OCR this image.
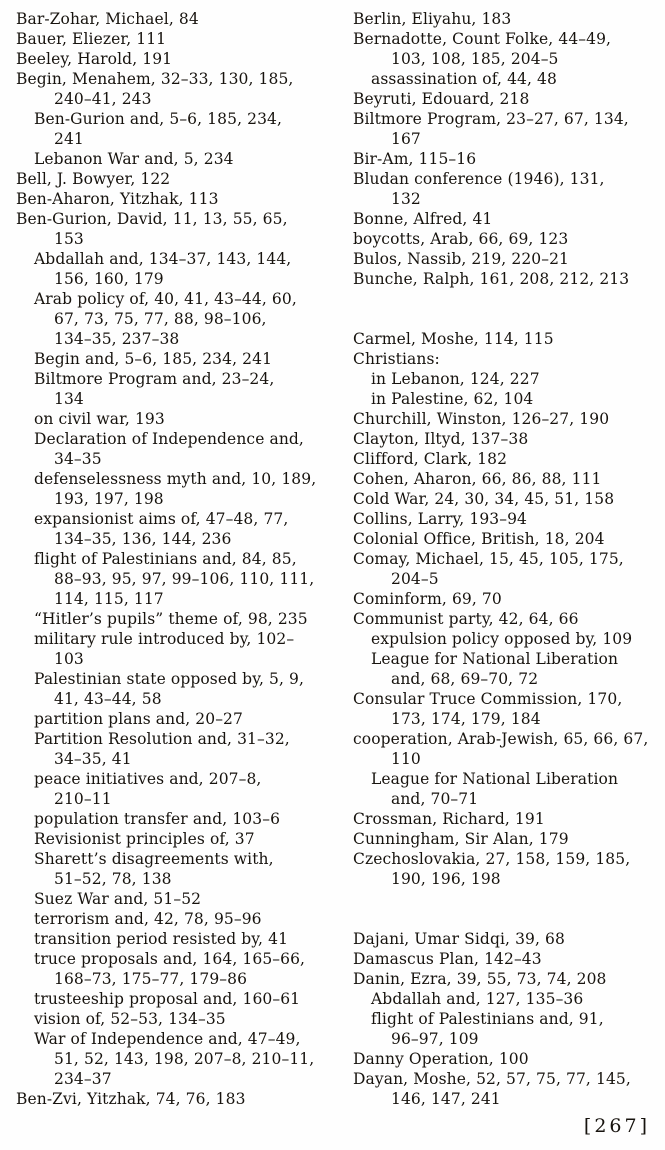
Bar-Zohar, Michael, 84
Bauer, Eliezer, 111
Beeley, Harold, 191
Begin, Menahem, 32–33, 130, 185,
240–41, 243
Ben-Gurion and, 5–6, 185, 234,
241
Lebanon War and, 5, 234
Bell, J. Bowyer, 122
Ben-Aharon, Yitzhak, 113
Ben-Gurion, David, 11, 13, 55, 65,
153
Abdallah and, 134–37, 143, 144,
156, 160, 179
Arab policy of, 40, 41, 43–44, 60,
67, 73, 75, 77, 88, 98–106,
134–35, 237–38
Begin and, 5–6, 185, 234, 241
Biltmore Program and, 23–24,
134
on civil war, 193
Declaration of Independence and,
34–35
defenselessness myth and, 10, 189,
193, 197, 198
expansionist aims of, 47–48, 77,
134–35, 136, 144, 236
flight of Palestinians and, 84, 85,
88–93, 95, 97, 99–106, 110, 111,
114, 115, 117
“Hitler’s pupils” theme of, 98, 235
military rule introduced by, 102–
103
Palestinian state opposed by, 5, 9,
41, 43–44, 58
partition plans and, 20–27
Partition Resolution and, 31–32,
34–35, 41
peace initiatives and, 207–8,
210–11
population transfer and, 103–6
Revisionist principles of, 37
Sharett’s disagreements with,
51–52, 78, 138
Suez War and, 51–52
terrorism and, 42, 78, 95–96
transition period resisted by, 41
truce proposals and, 164, 165–66,
168–73, 175–77, 179–86
trusteeship proposal and, 160–61
vision of, 52–53, 134–35
War of Independence and, 47–49,
51, 52, 143, 198, 207–8, 210–11,
234–37
Ben-Zvi, Yitzhak, 74, 76, 183
Berlin, Eliyahu, 183
Bernadotte, Count Folke, 44–49,
103, 108, 185, 204–5
assassination of, 44, 48
Beyruti, Edouard, 218
Biltmore Program, 23–27, 67, 134,
167
Bir-Am, 115–16
Bludan conference (1946), 131,
132
Bonne, Alfred, 41
boycotts, Arab, 66, 69, 123
Bulos, Nassib, 219, 220–21
Bunche, Ralph, 161, 208, 212, 213
Carmel, Moshe, 114, 115
Christians:
in Lebanon, 124, 227
in Palestine, 62, 104
Churchill, Winston, 126–27, 190
Clayton, Iltyd, 137–38
Clifford, Clark, 182
Cohen, Aharon, 66, 86, 88, 111
Cold War, 24, 30, 34, 45, 51, 158
Collins, Larry, 193–94
Colonial Office, British, 18, 204
Comay, Michael, 15, 45, 105, 175,
204–5
Cominform, 69, 70
Communist party, 42, 64, 66
expulsion policy opposed by, 109
League for National Liberation
and, 68, 69–70, 72
Consular Truce Commission, 170,
173, 174, 179, 184
cooperation, Arab-Jewish, 65, 66, 67,
110
League for National Liberation
and, 70–71
Crossman, Richard, 191
Cunningham, Sir Alan, 179
Czechoslovakia, 27, 158, 159, 185,
190, 196, 198
Dajani, Umar Sidqi, 39, 68
Damascus Plan, 142–43
Danin, Ezra, 39, 55, 73, 74, 208
Abdallah and, 127, 135–36
flight of Palestinians and, 91,
96–97, 109
Danny Operation, 100
Dayan, Moshe, 52, 57, 75, 77, 145,
146, 147, 241
[267]
